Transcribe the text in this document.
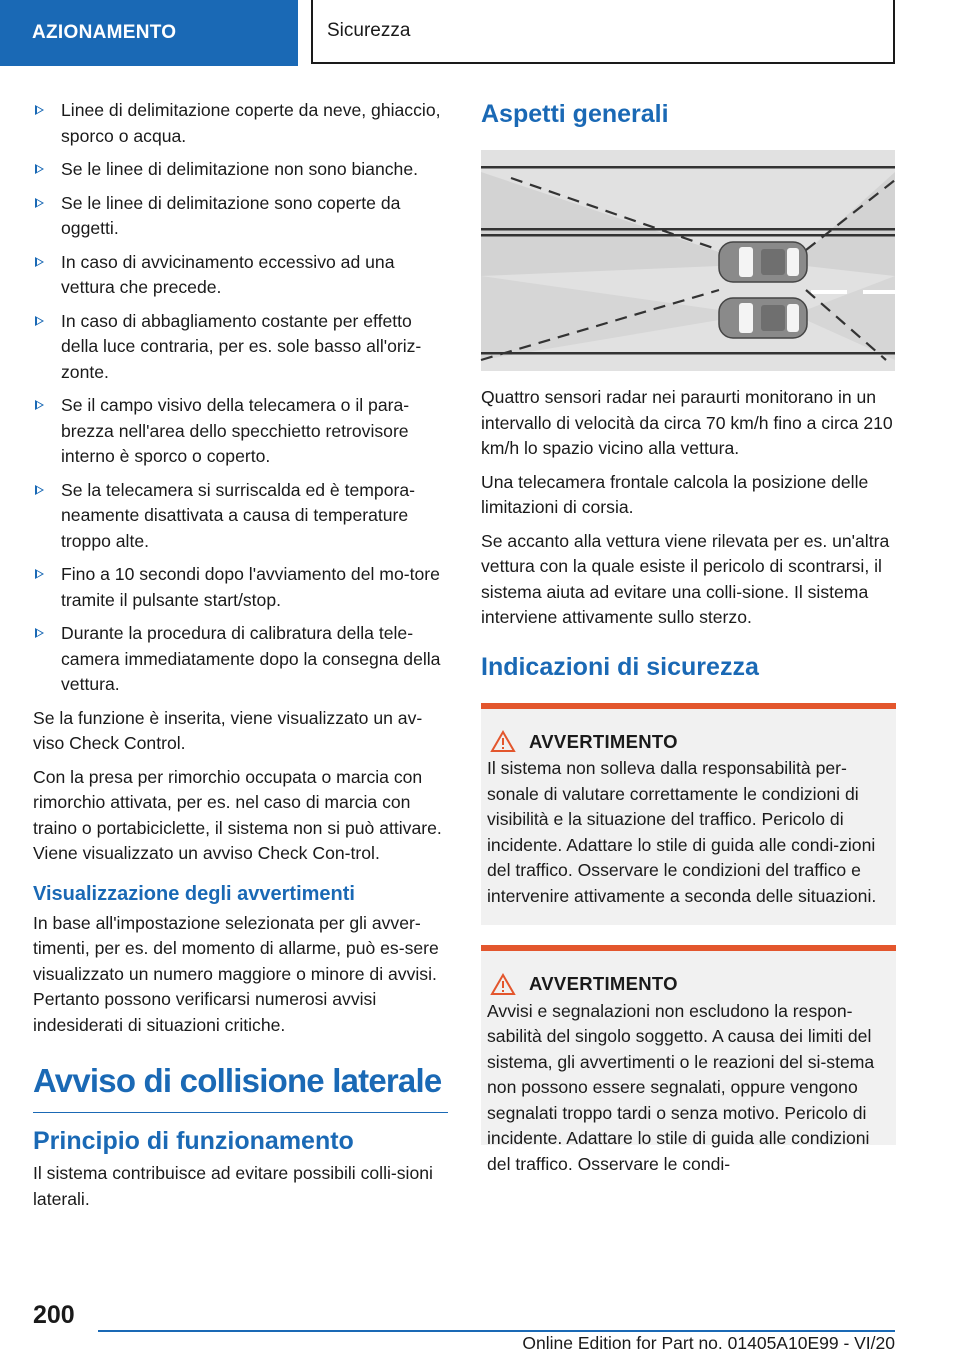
AZIONAMENTO	Sicurezza
Linee di delimitazione coperte da neve, ghiaccio, sporco o acqua.
Se le linee di delimitazione non sono bianche.
Se le linee di delimitazione sono coperte da oggetti.
In caso di avvicinamento eccessivo ad una vettura che precede.
In caso di abbagliamento costante per effetto della luce contraria, per es. sole basso all'oriz-zonte.
Se il campo visivo della telecamera o il para-brezza nell'area dello specchietto retrovisore interno è sporco o coperto.
Se la telecamera si surriscalda ed è tempora-neamente disattivata a causa di temperature troppo alte.
Fino a 10 secondi dopo l'avviamento del mo-tore tramite il pulsante start/stop.
Durante la procedura di calibratura della tele-camera immediatamente dopo la consegna della vettura.

Se la funzione è inserita, viene visualizzato un av-viso Check Control.

Con la presa per rimorchio occupata o marcia con rimorchio attivata, per es. nel caso di marcia con traino o portabiciclette, il sistema non si può attivare. Viene visualizzato un avviso Check Con-trol.

Visualizzazione degli avvertimenti

In base all'impostazione selezionata per gli avver-timenti, per es. del momento di allarme, può es-sere visualizzato un numero maggiore o minore di avvisi. Pertanto possono verificarsi numerosi avvisi indesiderati di situazioni critiche.

Avviso di collisione laterale
Principio di funzionamento

Il sistema contribuisce ad evitare possibili colli-sioni laterali.

Aspetti generali

Quattro sensori radar nei paraurti monitorano in un intervallo di velocità da circa 70 km/h fino a circa 210 km/h lo spazio vicino alla vettura.

Una telecamera frontale calcola la posizione delle limitazioni di corsia.

Se accanto alla vettura viene rilevata per es. un'altra vettura con la quale esiste il pericolo di scontrarsi, il sistema aiuta ad evitare una colli-sione. Il sistema interviene attivamente sullo sterzo.

Indicazioni di sicurezza
AVVERTIMENTO
Il sistema non solleva dalla responsabilità per-sonale di valutare correttamente le condizioni di visibilità e la situazione del traffico. Pericolo di incidente. Adattare lo stile di guida alle condi-zioni del traffico. Osservare le condizioni del traffico e intervenire attivamente a seconda delle situazioni.
AVVERTIMENTO
Avvisi e segnalazioni non escludono la respon-sabilità del singolo soggetto. A causa dei limiti del sistema, gli avvertimenti o le reazioni del si-stema non possono essere segnalati, oppure vengono segnalati troppo tardi o senza motivo. Pericolo di incidente. Adattare lo stile di guida alle condizioni del traffico. Osservare le condi-
200
Online Edition for Part no. 01405A10E99 - VI/20
